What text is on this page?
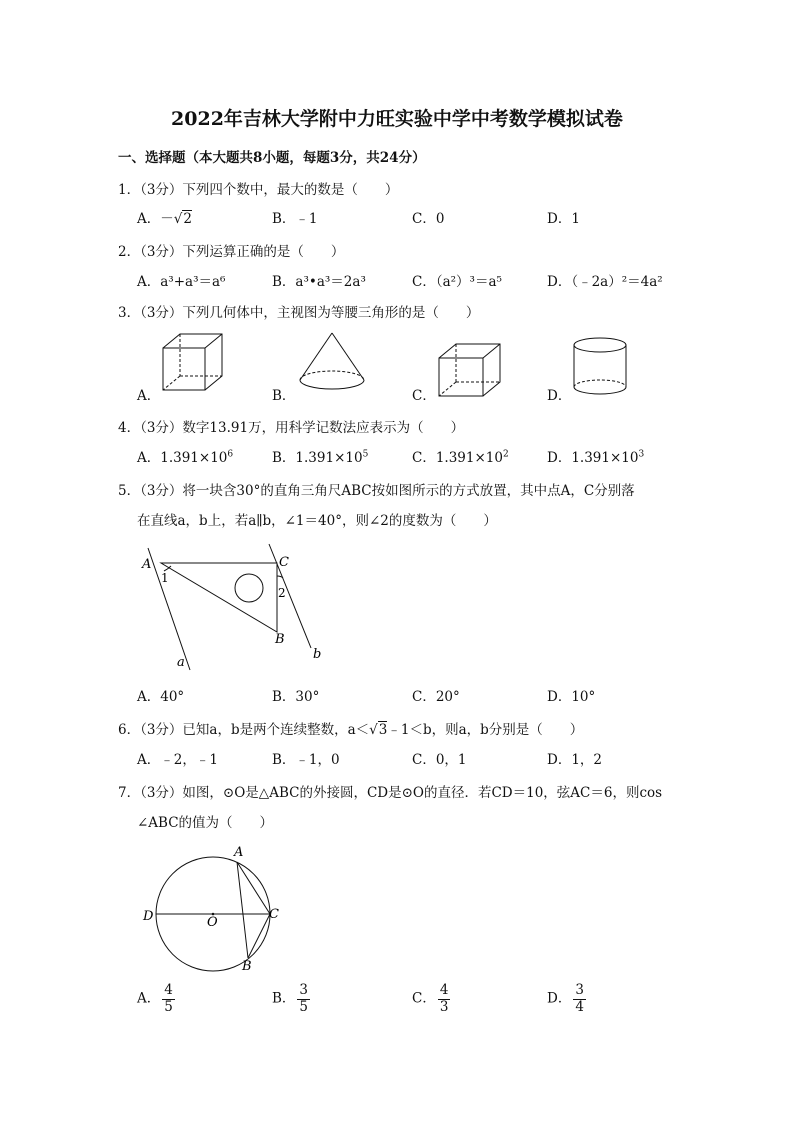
2022年吉林大学附中力旺实验中学中考数学模拟试卷
一、选择题（本大题共8小题，每题3分，共24分）
1．（3分）下列四个数中，最大的数是（　　）
A．－√2	B．﹣1	C．0	D．1
2．（3分）下列运算正确的是（　　）
A．a³+a³＝a⁶	B．a³•a³＝2a³	C．（a²）³＝a⁵	D．（﹣2a）²＝4a²
3．（3分）下列几何体中，主视图为等腰三角形的是（　　）
A．	B．	C．	D．
4．（3分）数字13.91万，用科学记数法应表示为（　　）
A．$1.391\times 10^6$	B．$1.391\times 10^5$	C．$1.391\times 10^2$	D．$1.391\times 10^3$
5．（3分）将一块含30°的直角三角尺ABC按如图所示的方式放置，其中点A，C分别落
在直线a，b上，若a∥b，∠1＝40°，则∠2的度数为（　　）
A	C
B
a
b
1
2
A．40°	B．30°	C．20°	D．10°
6．（3分）已知a，b是两个连续整数，a＜√3﹣1＜b，则a，b分别是（　　）
A．﹣2，﹣1	B．﹣1，0	C．0，1	D．1，2
7．（3分）如图，⊙O是△ABC的外接圆，CD是⊙O的直径．若CD＝10，弦AC＝6，则cos
∠ABC的值为（　　）
A
D	C
O
B
A． $\frac{4}{5}$	B． $\frac{3}{5}$	C． $\frac{4}{3}$	D． $\frac{3}{4}$
